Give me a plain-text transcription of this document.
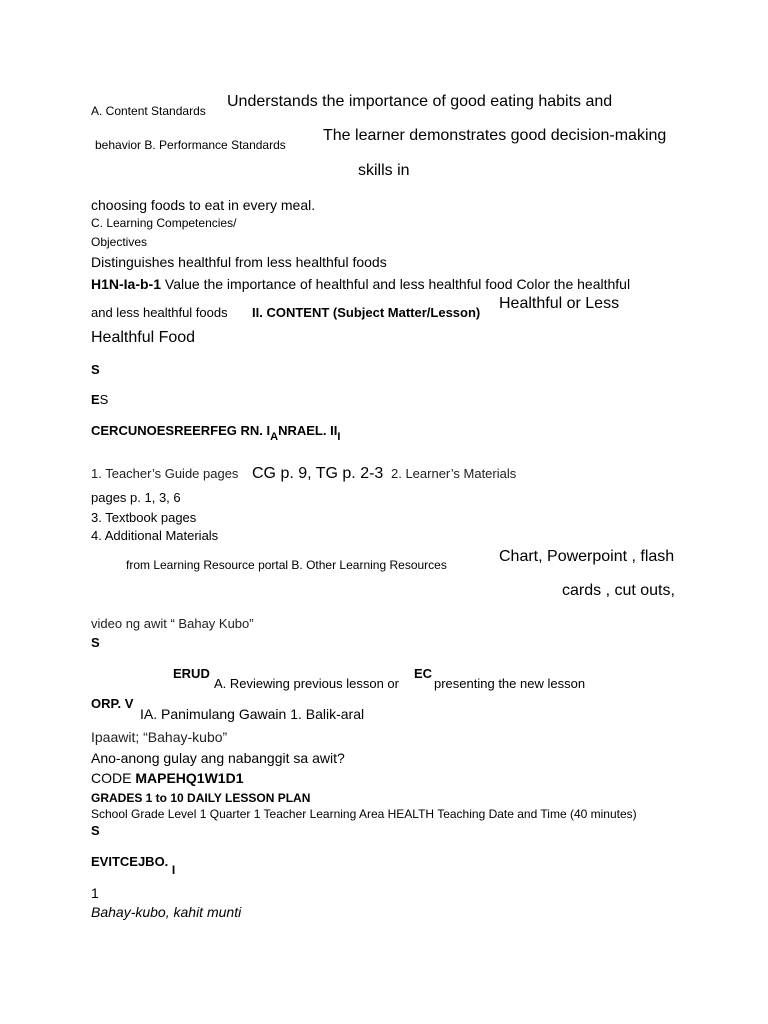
A. Content Standards
Understands the importance of good eating habits and
behavior B. Performance Standards
The learner demonstrates good decision-making
skills in
choosing foods to eat in every meal.
C. Learning Competencies/
Objectives
Distinguishes healthful from less healthful foods
H1N-Ia-b-1 Value the importance of healthful and less healthful food Color the healthful
and less healthful foods II. CONTENT (Subject Matter/Lesson)
Healthful or Less
Healthful Food
S
ES
CERCUNOESREERFEG RN. $I_ANRAEL$. $II_I$
1. Teacher’s Guide pages CG p. 9, TG p. 2-3 2. Learner’s Materials
pages p. 1, 3, 6
3. Textbook pages
4. Additional Materials
from Learning Resource portal B. Other Learning Resources	Chart, Powerpoint , flash
cards , cut outs,
video ng awit “ Bahay Kubo”
S
ERUD
A. Reviewing previous lesson or
EC
presenting the new lesson
ORP. V
IA. Panimulang Gawain 1. Balik-aral
Ipaawit; “Bahay-kubo”
Ano-anong gulay ang nabanggit sa awit?
CODE MAPEHQ1W1D1
GRADES 1 to 10 DAILY LESSON PLAN
School Grade Level 1 Quarter 1 Teacher Learning Area HEALTH Teaching Date and Time (40 minutes)
S
EVITCEJBO. I
1
Bahay-kubo, kahit munti
